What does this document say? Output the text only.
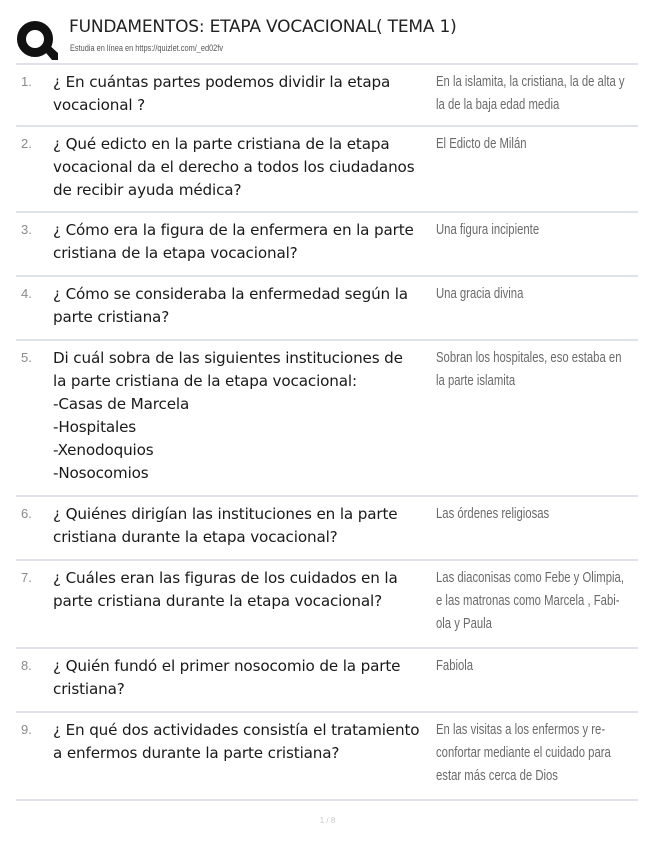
FUNDAMENTOS: ETAPA VOCACIONAL( TEMA 1)
Estudia en línea en https://quizlet.com/_ed02fv
1. ¿ En cuántas partes podemos dividir la etapa
vocacional ?
En la islamita, la cristiana, la de alta y
la de la baja edad media
2. ¿ Qué edicto en la parte cristiana de la etapa
vocacional da el derecho a todos los ciudadanos
de recibir ayuda médica?
El Edicto de Milán
3. ¿ Cómo era la figura de la enfermera en la parte
cristiana de la etapa vocacional?
Una figura incipiente
4. ¿ Cómo se consideraba la enfermedad según la
parte cristiana?
Una gracia divina
5. Di cuál sobra de las siguientes instituciones de
la parte cristiana de la etapa vocacional:
-Casas de Marcela
-Hospitales
-Xenodoquios
-Nosocomios
Sobran los hospitales, eso estaba en
la parte islamita
6. ¿ Quiénes dirigían las instituciones en la parte
cristiana durante la etapa vocacional?
Las órdenes religiosas
7. ¿ Cuáles eran las figuras de los cuidados en la
parte cristiana durante la etapa vocacional?
Las diaconisas como Febe y Olimpia,
e las matronas como Marcela , Fabi-
ola y Paula
8. ¿ Quién fundó el primer nosocomio de la parte
cristiana?
Fabiola
9. ¿ En qué dos actividades consistía el tratamiento
a enfermos durante la parte cristiana?
En las visitas a los enfermos y re-
confortar mediante el cuidado para
estar más cerca de Dios
1 / 8
